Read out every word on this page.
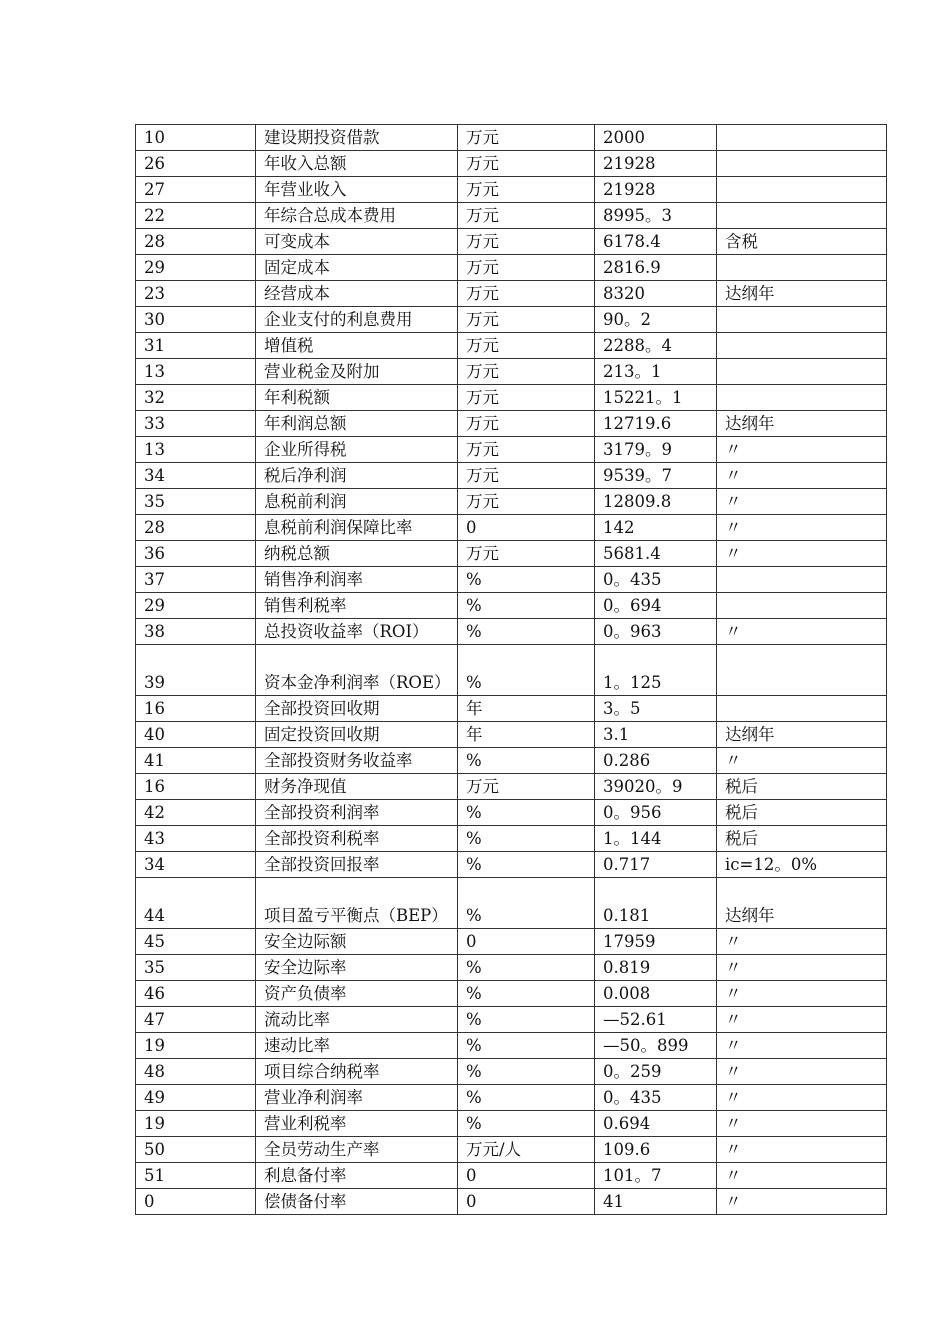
10	建设期投资借款	万元	2000	
26	年收入总额	万元	21928	
27	年营业收入	万元	21928	
22	年综合总成本费用	万元	8995。3	
28	可变成本	万元	6178.4	含税
29	固定成本	万元	2816.9	
23	经营成本	万元	8320	达纲年
30	企业支付的利息费用	万元	90。2	
31	增值税	万元	2288。4	
13	营业税金及附加	万元	213。1	
32	年利税额	万元	15221。1	
33	年利润总额	万元	12719.6	达纲年
13	企业所得税	万元	3179。9	〃
34	税后净利润	万元	9539。7	〃
35	息税前利润	万元	12809.8	〃
28	息税前利润保障比率	0	142	〃
36	纳税总额	万元	5681.4	〃
37	销售净利润率	%	0。435	
29	销售利税率	%	0。694	
38	总投资收益率（ROI）	%	0。963	〃
39	资本金净利润率（ROE）	%	1。125	
16	全部投资回收期	年	3。5	
40	固定投资回收期	年	3.1	达纲年
41	全部投资财务收益率	%	0.286	〃
16	财务净现值	万元	39020。9	税后
42	全部投资利润率	%	0。956	税后
43	全部投资利税率	%	1。144	税后
34	全部投资回报率	%	0.717	ic=12。0%
44	项目盈亏平衡点（BEP）	%	0.181	达纲年
45	安全边际额	0	17959	〃
35	安全边际率	%	0.819	〃
46	资产负债率	%	0.008	〃
47	流动比率	%	—52.61	〃
19	速动比率	%	—50。899	〃
48	项目综合纳税率	%	0。259	〃
49	营业净利润率	%	0。435	〃
19	营业利税率	%	0.694	〃
50	全员劳动生产率	万元/人	109.6	〃
51	利息备付率	0	101。7	〃
0	偿债备付率	0	41	〃
